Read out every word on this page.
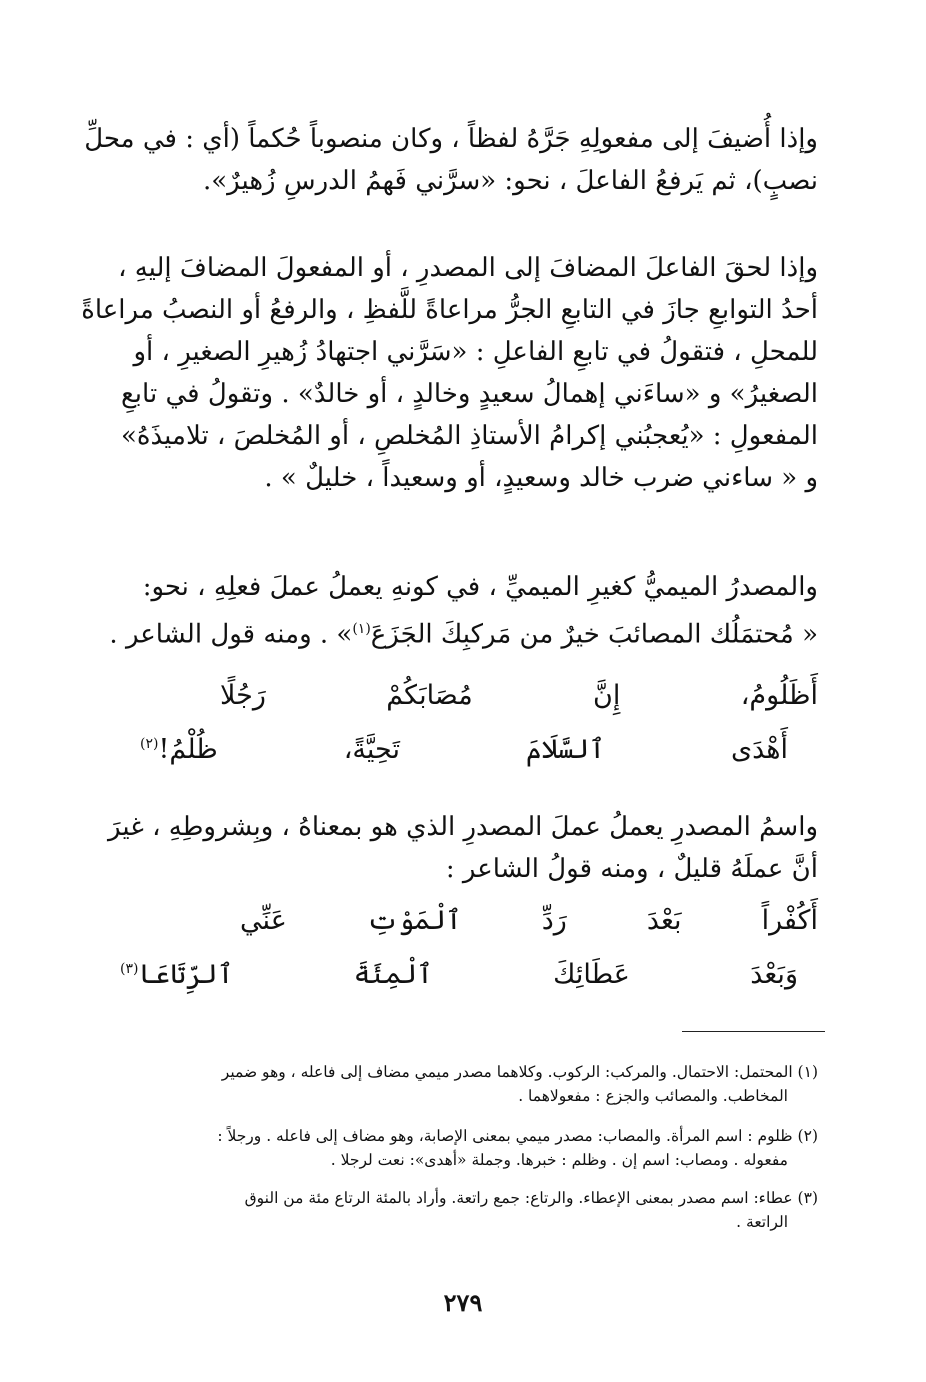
وإذا أُضيفَ إلى مفعولِهِ جَرَّهُ لفظاً ، وكان منصوباً حُكماً (أي : في محلِّ
نصبٍ)، ثم يَرفعُ الفاعلَ ، نحو: «سرَّني فَهمُ الدرسِ زُهيرٌ».
وإذا لحقَ الفاعلَ المضافَ إلى المصدرِ ، أو المفعولَ المضافَ إليهِ ،
أحدُ التوابعِ جازَ في التابعِ الجرُّ مراعاةً للَّفظِ ، والرفعُ أو النصبُ مراعاةً
للمحلِ ، فتقولُ في تابعِ الفاعلِ : «سَرَّني اجتهادُ زُهيرِ الصغيرِ ، أو
الصغيرُ» و «ساءَني إهمالُ سعيدٍ وخالدٍ ، أو خالدٌ» . وتقولُ في تابعِ
المفعولِ : «يُعجبُني إكرامُ الأستاذِ المُخلصِ ، أو المُخلصَ ، تلاميذَهُ»
و « ساءني ضرب خالد وسعيدٍ، أو وسعيداً ، خليلٌ » .
والمصدرُ الميميُّ كغيرِ الميميِّ ، في كونهِ يعملُ عملَ فعلِهِ ، نحو:
« مُحتمَلُك المصائبَ خيرٌ من مَركبِكَ الجَزَعَ$^{(١)}$» . ومنه قول الشاعر .
أَظَلُومُ،
إِنَّ
مُصَابَكُمْ
رَجُلًا
أَهْدَى
ٱلسَّلَامَ
تَحِيَّةً،
ظُلْمُ!$^{(٢)}$
واسمُ المصدرِ يعملُ عملَ المصدرِ الذي هو بمعناهُ ، وبِشروطِهِ ، غيرَ
أنَّ عملَهُ قليلٌ ، ومنه قولُ الشاعر :
أَكُفْراً
بَعْدَ
رَدِّ
ٱلْمَوْتِ
عَنِّي
وَبَعْدَ
عَطَائِكَ
ٱلْمِئَةَ
ٱلرِّتَاعَا$^{(٣)}$
(١) المحتمل: الاحتمال. والمركب: الركوب. وكلاهما مصدر ميمي مضاف إلى فاعله ، وهو ضمير
المخاطب. والمصائب والجزع : مفعولاهما .
(٢) ظلوم : اسم المرأة. والمصاب: مصدر ميمي بمعنى الإصابة، وهو مضاف إلى فاعله . ورجلاً :
مفعوله . ومصاب: اسم إن . وظلم : خبرها. وجملة «أهدى»: نعت لرجلا .
(٣) عطاء: اسم مصدر بمعنى الإعطاء. والرتاع: جمع راتعة. وأراد بالمئة الرتاع مئة من النوق
الراتعة .
٢٧٩
